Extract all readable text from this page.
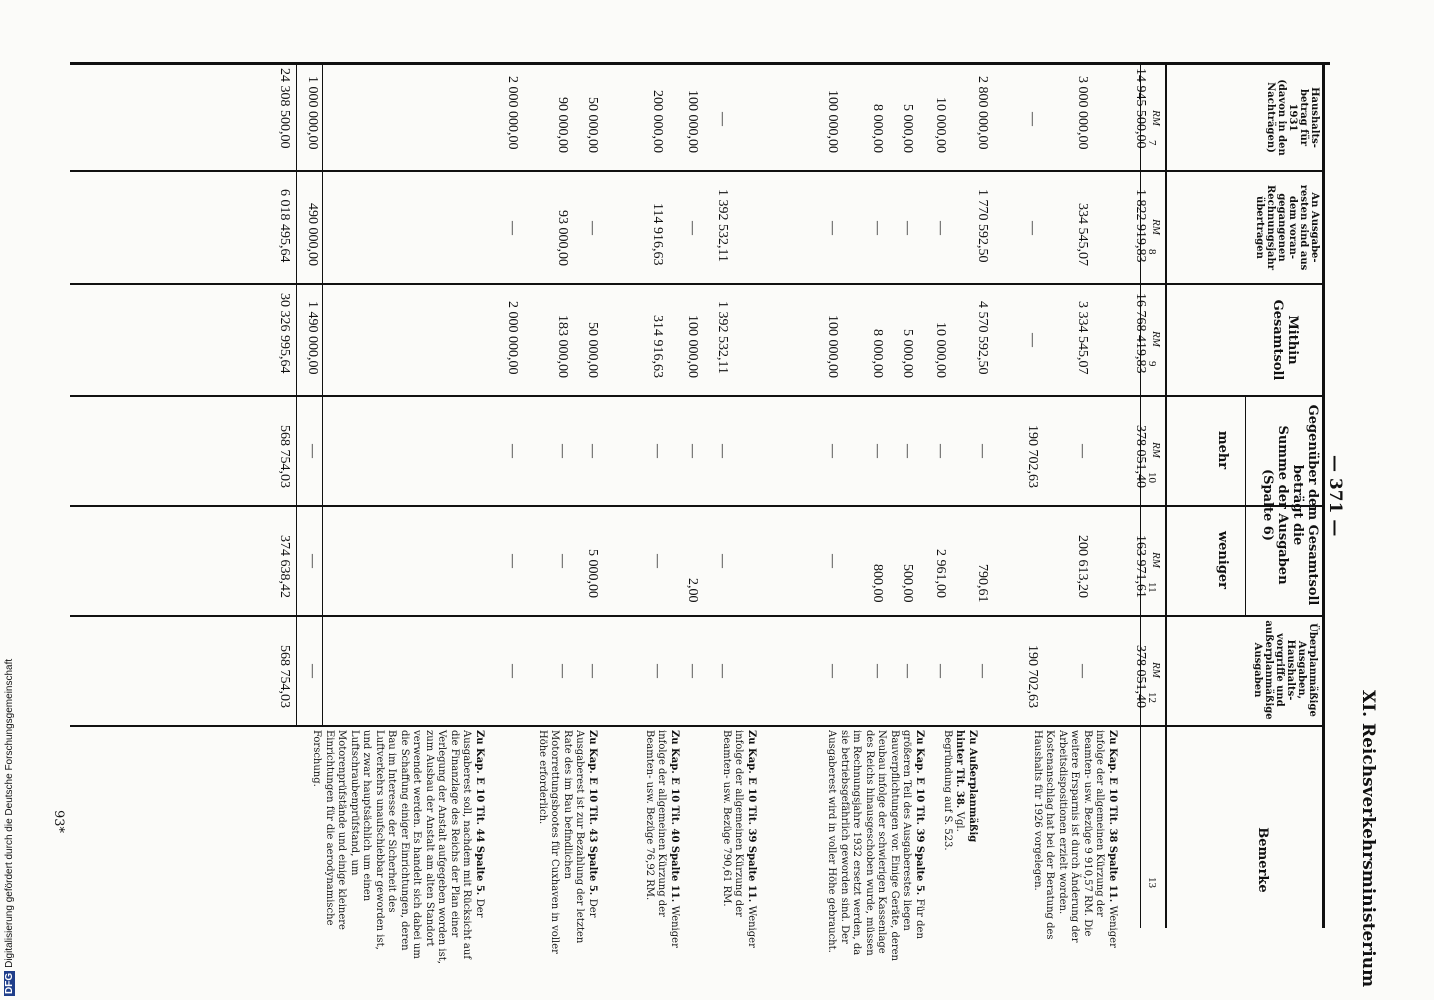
XI. Reichsverkehrsministerium
— 371 —
DFGDigitalisierung gefördert durch die Deutsche Forschungsgemeinschaft	93*
Haushalts-
betrag für
1931
(davon in den
Nachträgen)
An Ausgabe-
resten sind aus
dem voran-
gegangenen
Rechnungsjahr
übertragen
Mithin
Gesamtsoll
Gegenüber dem Gesamtsoll
beträgt die
Summe der Ausgaben
(Spalte 6)
mehr
weniger
Überplanmäßige
Ausgaben,
Haushalts-
vorgriffe und
außerplanmäßige
Ausgaben
Bemerke
RM
7
RM
8
RM
9
RM
10
RM
11
RM
12
13
14 945 500,00
1 822 919,83
16 768 419,83
378 051,40
163 971,61
378 051,40
3 000 000,00
334 545,07
3 334 545,07
—
200 613,20
—
—
—
—
190 702,63
190 702,63
2 800 000,00
1 770 592,50
4 570 592,50
—
790,61
—
10 000,00
—
10 000,00
—
2 961,00
—
5 000,00
—
5 000,00
—
500,00
—
8 000,00
—
8 000,00
—
800,00
—
100 000,00
—
100 000,00
—
—
—
—
1 392 532,11
1 392 532,11
—
—
—
100 000,00
—
100 000,00
—
2,00
—
200 000,00
114 916,63
314 916,63
—
—
—
90 000,00
93 000,00
183 000,00
—
—
—
50 000,00
—
50 000,00
—
5 000,00
—
2 000 000,00
—
2 000 000,00
—
—
—
1 000 000,00
490 000,00
1 490 000,00
—
—
—
24 308 500,00
6 018 495,64
30 326 995,64
568 754,03
374 638,42
568 754,03
Zu Kap. E 10 Tit. 38 Spalte 11. Weniger infolge der allgemeinen Kürzung der Beamten- usw. Bezüge 9 910,57 RM. Die weitere Ersparnis ist durch Änderung der Arbeitsdispositionen erzielt worden. Kostenanschlag hat bei der Beratung des Haushalts für 1926 vorgelegen.
Zu Außerplanmäßig hinter Tit. 38. Vgl. Begründung auf S. 523.
Zu Kap. E 10 Tit. 39 Spalte 5. Für den größeren Teil des Ausgaberestes liegen Bauverpflichtungen vor. Einige Geräte, deren Neubau infolge der schwierigen Kassenlage des Reichs hinausgeschoben wurde, müssen im Rechnungsjahre 1932 ersetzt werden, da sie betriebsgefährlich geworden sind. Der Ausgaberest wird in voller Höhe gebraucht.
Zu Kap. E 10 Tit. 39 Spalte 11. Weniger infolge der allgemeinen Kürzung der Beamten- usw. Bezüge 790,61 RM.
Zu Kap. E 10 Tit. 40 Spalte 11. Weniger infolge der allgemeinen Kürzung der Beamten- usw. Bezüge 76,92 RM.
Zu Kap. E 10 Tit. 43 Spalte 5. Der Ausgaberest ist zur Bezahlung der letzten Rate des im Bau befindlichen Motorrettungsbootes für Cuxhaven in voller Höhe erforderlich.
Zu Kap. E 10 Tit. 44 Spalte 5. Der Ausgaberest soll, nachdem mit Rücksicht auf die Finanzlage des Reichs der Plan einer Verlegung der Anstalt aufgegeben worden ist, zum Ausbau der Anstalt am alten Standort verwendet werden. Es handelt sich dabei um die Schaffung einiger Einrichtungen, deren Bau im Interesse der Sicherheit des Luftverkehrs unaufschiebbar geworden ist, und zwar hauptsächlich um einen Luftschraubenprüfstand, um Motorenprüfstände und einige kleinere Einrichtungen für die aerodynamische Forschung.
